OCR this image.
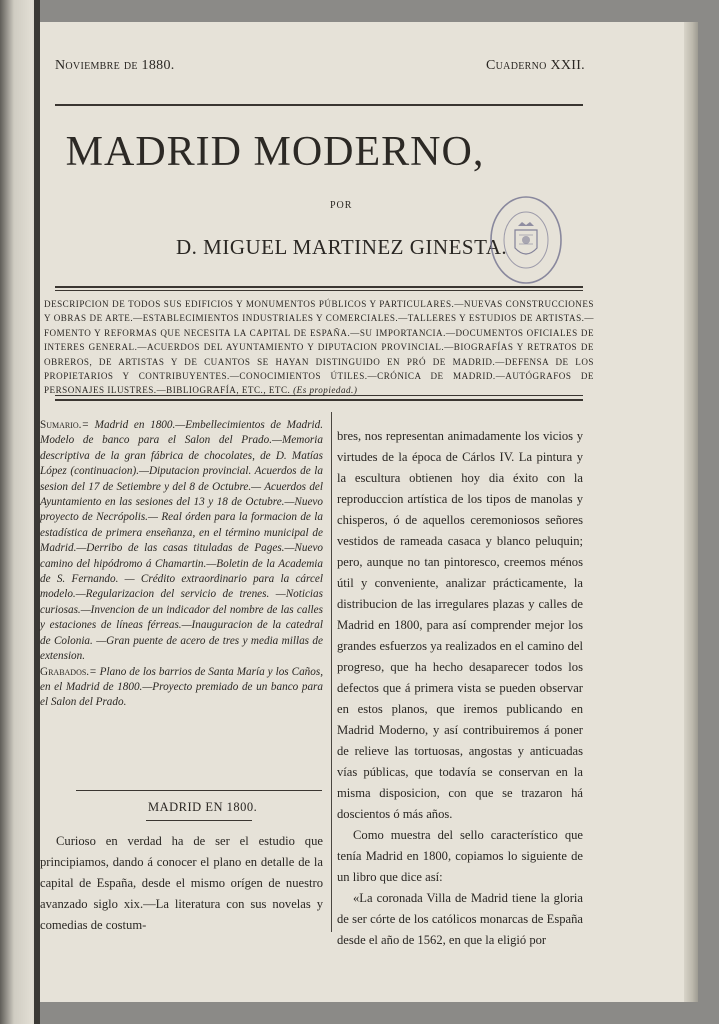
Noviembre de 1880.	Cuaderno XXII.
MADRID MODERNO,
POR
D. MIGUEL MARTINEZ GINESTA.
DESCRIPCION DE TODOS SUS EDIFICIOS Y MONUMENTOS PÚBLICOS Y PARTICULARES.—NUEVAS CONSTRUCCIONES Y OBRAS DE ARTE.—ESTABLECIMIENTOS INDUSTRIALES Y COMERCIALES.—TALLERES Y ESTUDIOS DE ARTISTAS.—FOMENTO Y REFORMAS QUE NECESITA LA CAPITAL DE ESPAÑA.—SU IMPORTANCIA.—DOCUMENTOS OFICIALES DE INTERES GENERAL.—ACUERDOS DEL AYUNTAMIENTO Y DIPUTACION PROVINCIAL.—BIOGRAFÍAS Y RETRATOS DE OBREROS, DE ARTISTAS Y DE CUANTOS SE HAYAN DISTINGUIDO EN PRÓ DE MADRID.—DEFENSA DE LOS PROPIETARIOS Y CONTRIBUYENTES.—CONOCIMIENTOS ÚTILES.—CRÓNICA DE MADRID.—AUTÓGRAFOS DE PERSONAJES ILUSTRES.—BIBLIOGRAFÍA, ETC., ETC. (Es propiedad.)
Sumario.= Madrid en 1800.—Embellecimientos de Madrid. Modelo de banco para el Salon del Prado.—Memoria descriptiva de la gran fábrica de chocolates, de D. Matías López (continuacion).—Diputacion provincial. Acuerdos de la sesion del 17 de Setiembre y del 8 de Octubre.— Acuerdos del Ayuntamiento en las sesiones del 13 y 18 de Octubre.—Nuevo proyecto de Necrópolis.— Real órden para la formacion de la estadística de primera enseñanza, en el término municipal de Madrid.—Derribo de las casas tituladas de Pages.—Nuevo camino del hipódromo á Chamartin.—Boletin de la Academia de S. Fernando. — Crédito extraordinario para la cárcel modelo.—Regularizacion del servicio de trenes. —Noticias curiosas.—Invencion de un indicador del nombre de las calles y estaciones de líneas férreas.—Inauguracion de la catedral de Colonia. —Gran puente de acero de tres y media millas de extension.
Grabados.= Plano de los barrios de Santa María y los Caños, en el Madrid de 1800.—Proyecto premiado de un banco para el Salon del Prado.
MADRID EN 1800.

Curioso en verdad ha de ser el estudio que principiamos, dando á conocer el plano en detalle de la capital de España, desde el mismo orígen de nuestro avanzado siglo xix.—La literatura con sus novelas y comedias de costum-

bres, nos representan animadamente los vicios y virtudes de la época de Cárlos IV. La pintura y la escultura obtienen hoy dia éxito con la reproduccion artística de los tipos de manolas y chisperos, ó de aquellos ceremoniosos señores vestidos de rameada casaca y blanco peluquin; pero, aunque no tan pintoresco, creemos ménos útil y conveniente, analizar prácticamente, la distribucion de las irregulares plazas y calles de Madrid en 1800, para así comprender mejor los grandes esfuerzos ya realizados en el camino del progreso, que ha hecho desaparecer todos los defectos que á primera vista se pueden observar en estos planos, que iremos publicando en Madrid Moderno, y así contribuiremos á poner de relieve las tortuosas, angostas y anticuadas vías públicas, que todavía se conservan en la misma disposicion, con que se trazaron há doscientos ó más años.

Como muestra del sello característico que tenía Madrid en 1800, copiamos lo siguiente de un libro que dice así:

«La coronada Villa de Madrid tiene la gloria de ser córte de los católicos monarcas de España desde el año de 1562, en que la eligió por
